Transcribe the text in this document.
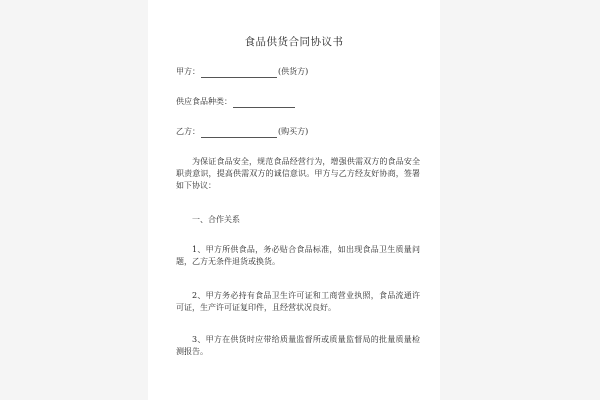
食品供货合同协议书
甲方：	(供货方)
供应食品种类：
乙方：	(购买方)
为保证食品安全，规范食品经营行为，增强供需双方的食品安全职责意识，提高供需双方的诚信意识。甲方与乙方经友好协商，签署如下协议：
一、合作关系
1、甲方所供食品，务必贴合食品标准，如出现食品卫生质量问题，乙方无条件退货或换货。
2、甲方务必持有食品卫生许可证和工商营业执照，食品流通许可证，生产许可证复印件，且经营状况良好。
3、甲方在供货时应带给质量监督所或质量监督局的批量质量检测报告。
